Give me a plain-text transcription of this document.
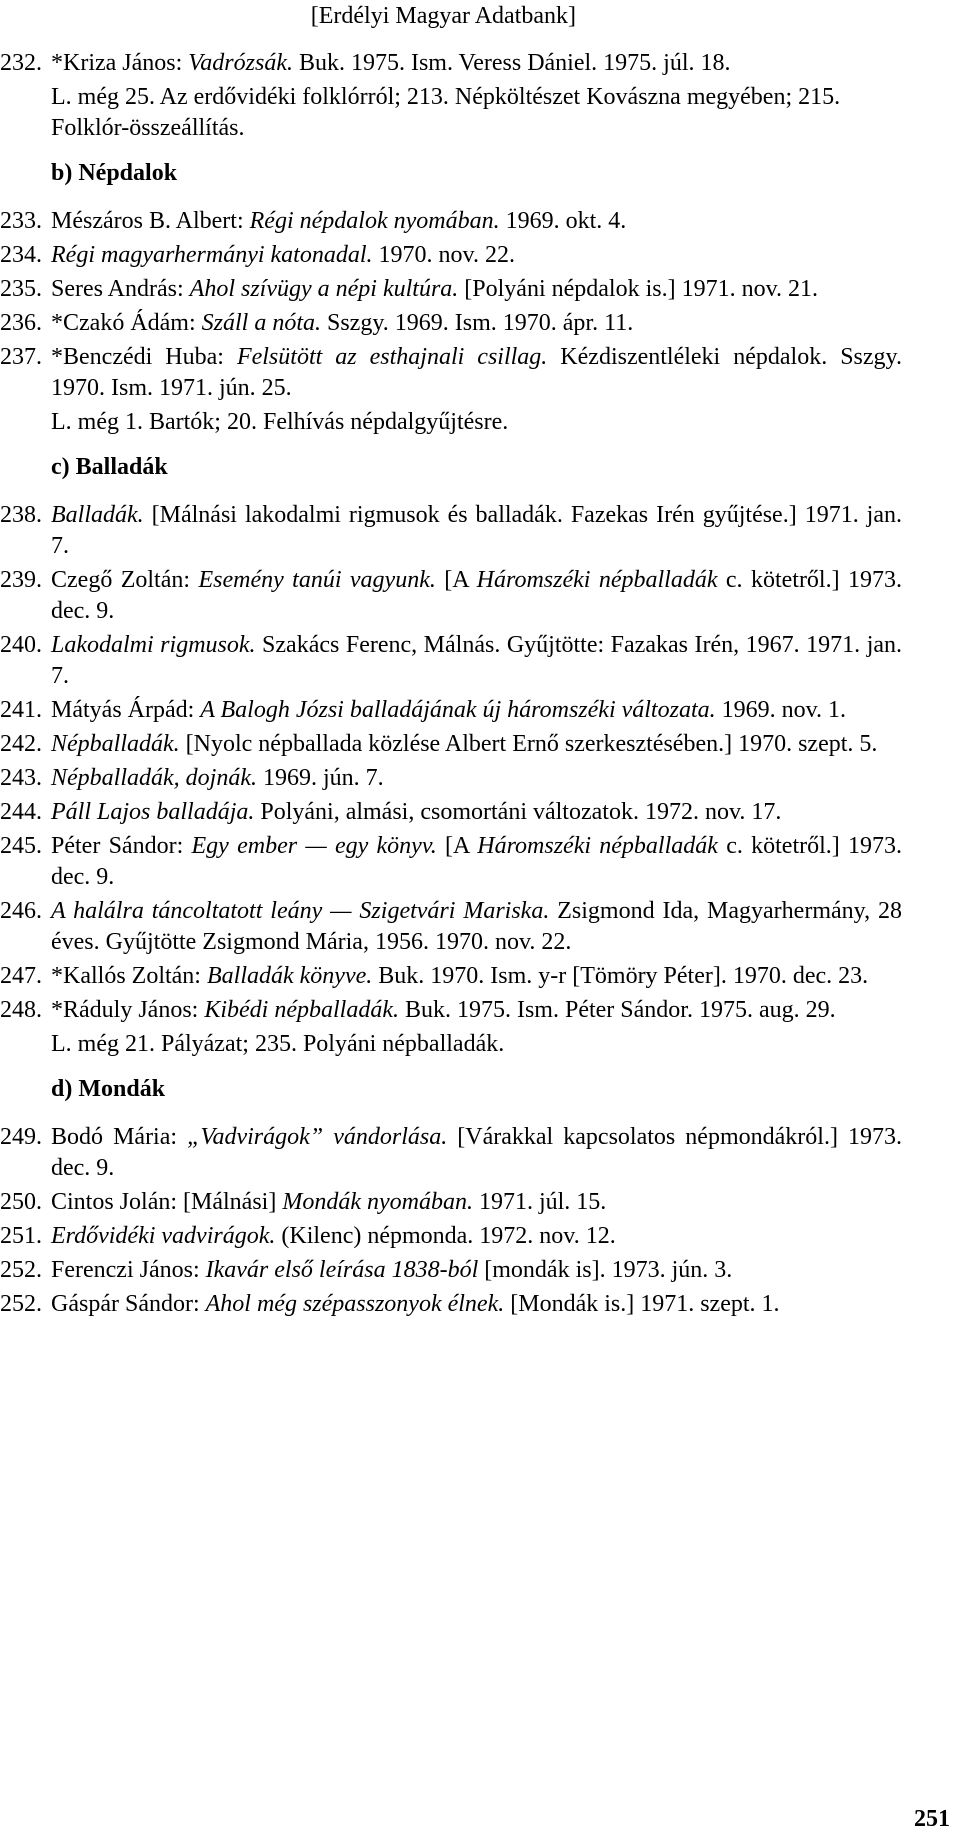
[Erdélyi Magyar Adatbank]
232. *Kriza János: Vadrózsák. Buk. 1975. Ism. Veress Dániel. 1975. júl. 18.
L. még 25. Az erdővidéki folklórról; 213. Népköltészet Kovászna megyében; 215. Folklór-összeállítás.
b) Népdalok
233. Mészáros B. Albert: Régi népdalok nyomában. 1969. okt. 4.
234. Régi magyarhermányi katonadal. 1970. nov. 22.
235. Seres András: Ahol szívügy a népi kultúra. [Polyáni népdalok is.] 1971. nov. 21.
236. *Czakó Ádám: Száll a nóta. Sszgy. 1969. Ism. 1970. ápr. 11.
237. *Benczédi Huba: Felsütött az esthajnali csillag. Kézdiszentléleki népdalok. Sszgy. 1970. Ism. 1971. jún. 25.
L. még 1. Bartók; 20. Felhívás népdalgyűjtésre.
c) Balladák
238. Balladák. [Málnási lakodalmi rigmusok és balladák. Fazekas Irén gyűjtése.] 1971. jan. 7.
239. Czegő Zoltán: Esemény tanúi vagyunk. [A Háromszéki népballadák c. kötetről.] 1973. dec. 9.
240. Lakodalmi rigmusok. Szakács Ferenc, Málnás. Gyűjtötte: Fazakas Irén, 1967. 1971. jan. 7.
241. Mátyás Árpád: A Balogh Józsi balladájának új háromszéki változata. 1969. nov. 1.
242. Népballadák. [Nyolc népballada közlése Albert Ernő szerkesztésében.] 1970. szept. 5.
243. Népballadák, dojnák. 1969. jún. 7.
244. Páll Lajos balladája. Polyáni, almási, csomortáni változatok. 1972. nov. 17.
245. Péter Sándor: Egy ember — egy könyv. [A Háromszéki népballadák c. kötetről.] 1973. dec. 9.
246. A halálra táncoltatott leány — Szigetvári Mariska. Zsigmond Ida, Magyarhermány, 28 éves. Gyűjtötte Zsigmond Mária, 1956. 1970. nov. 22.
247. *Kallós Zoltán: Balladák könyve. Buk. 1970. Ism. y-r [Tömöry Péter]. 1970. dec. 23.
248. *Ráduly János: Kibédi népballadák. Buk. 1975. Ism. Péter Sándor. 1975. aug. 29.
L. még 21. Pályázat; 235. Polyáni népballadák.
d) Mondák
249. Bodó Mária: „Vadvirágok” vándorlása. [Várakkal kapcsolatos népmondákról.] 1973. dec. 9.
250. Cintos Jolán: [Málnási] Mondák nyomában. 1971. júl. 15.
251. Erdővidéki vadvirágok. (Kilenc) népmonda. 1972. nov. 12.
252. Ferenczi János: Ikavár első leírása 1838-ból [mondák is]. 1973. jún. 3.
252. Gáspár Sándor: Ahol még szépasszonyok élnek. [Mondák is.] 1971. szept. 1.
251
